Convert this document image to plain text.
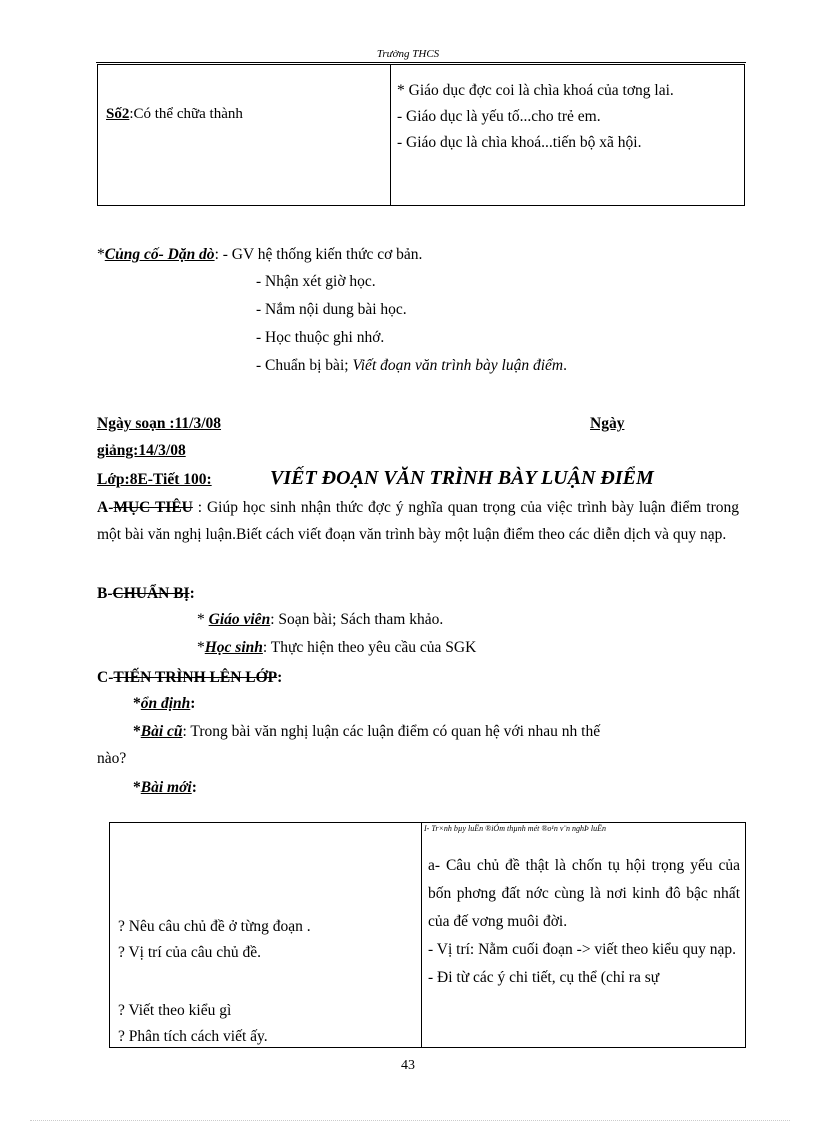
Trường THCS
Số2:Có thể chữa thành
* Giáo dục đợc coi là chìa khoá của tơng lai.
- Giáo dục là yếu tố...cho trẻ em.
- Giáo dục là chìa khoá...tiến bộ xã hội.
*Củng cố- Dặn dò: - GV hệ thống kiến thức cơ bản.
- Nhận xét giờ học.
- Nắm nội dung bài học.
- Học thuộc ghi nhớ.
- Chuẩn bị bài; Viết đoạn văn trình bày luận điểm.
Ngày soạn :11/3/08	Ngày
giảng:14/3/08
Lớp:8E-Tiết 100:	VIẾT ĐOẠN VĂN TRÌNH BÀY LUẬN ĐIỂM
A-MỤC TIÊU : Giúp học sinh nhận thức đợc ý nghĩa quan trọng của việc trình bày luận điểm trong một bài văn nghị luận.Biết cách viết đoạn văn trình bày một luận điểm theo các diễn dịch và quy nạp.
B-CHUẨN BỊ:
* Giáo viên: Soạn bài; Sách tham khảo.
*Học sinh: Thực hiện theo yêu cầu của SGK
C-TIẾN TRÌNH LÊN LỚP:
*ổn định:
*Bài cũ: Trong bài văn nghị luận các luận điểm có quan hệ với nhau nh thế
nào?
*Bài mới:
I- Tr×nh bµy luËn ®iÓm thµnh mét ®o¹n v¨n nghÞ luËn
? Nêu câu chủ đề ở từng đoạn .
? Vị trí của câu chủ đề.
? Viết theo kiểu gì
? Phân tích cách viết ấy.
a- Câu chủ đề thật là chốn tụ hội trọng yếu của bốn phơng đất nớc cùng là nơi kinh đô bậc nhất của đế vơng muôi đời.
- Vị trí: Nằm cuối đoạn -> viết theo kiểu quy nạp.
- Đi từ các ý chi tiết, cụ thể (chỉ ra sự
43
